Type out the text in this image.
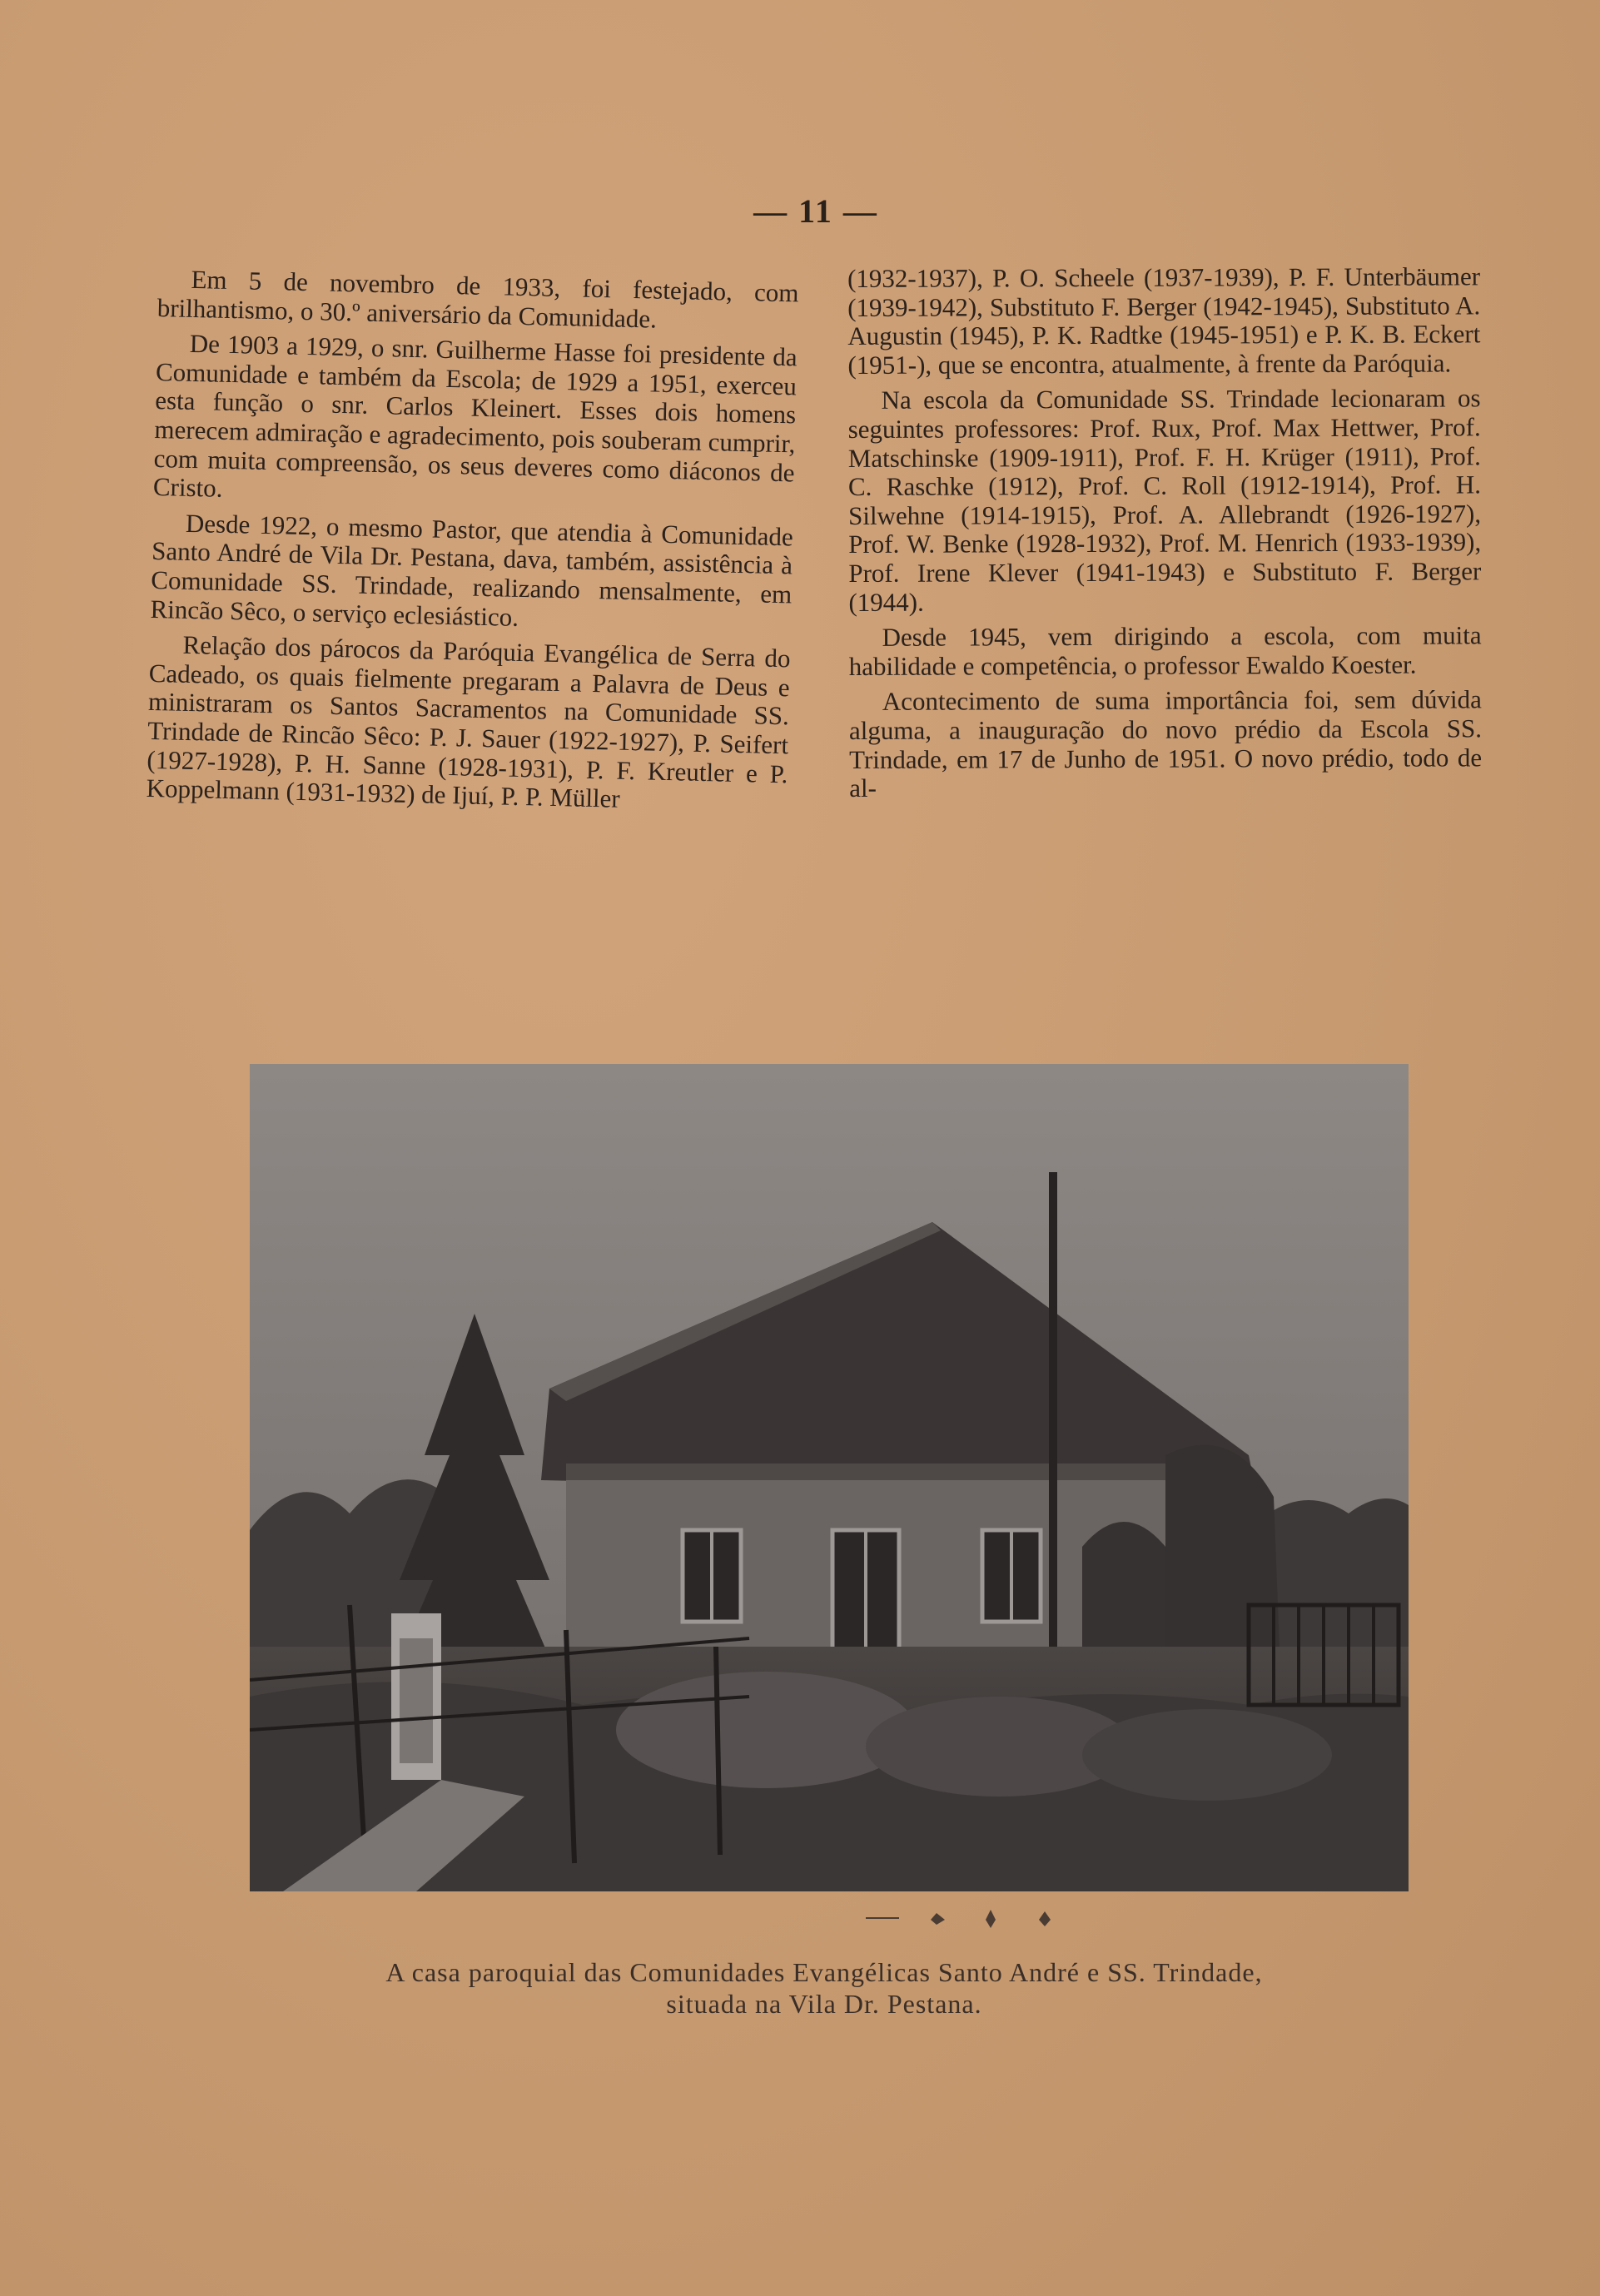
— 11 —

Em 5 de novembro de 1933, foi festejado, com brilhantismo, o 30.º aniversário da Comunidade.

De 1903 a 1929, o snr. Guilherme Hasse foi presidente da Comunidade e também da Escola; de 1929 a 1951, exerceu esta função o snr. Carlos Kleinert. Esses dois homens merecem admiração e agradecimento, pois souberam cumprir, com muita compreensão, os seus deveres como diáconos de Cristo.

Desde 1922, o mesmo Pastor, que atendia à Comunidade Santo André de Vila Dr. Pestana, dava, também, assistência à Comunidade SS. Trindade, realizando mensalmente, em Rincão Sêco, o serviço eclesiástico.

Relação dos párocos da Paróquia Evangélica de Serra do Cadeado, os quais fielmente pregaram a Palavra de Deus e ministraram os Santos Sacramentos na Comunidade SS. Trindade de Rincão Sêco: P. J. Sauer (1922-1927), P. Seifert (1927-1928), P. H. Sanne (1928-1931), P. F. Kreutler e P. Koppelmann (1931-1932) de Ijuí, P. P. Müller

(1932-1937), P. O. Scheele (1937-1939), P. F. Unterbäumer (1939-1942), Substituto F. Berger (1942-1945), Substituto A. Augustin (1945), P. K. Radtke (1945-1951) e P. K. B. Eckert (1951-), que se encontra, atualmente, à frente da Paróquia.

Na escola da Comunidade SS. Trindade lecionaram os seguintes professores: Prof. Rux, Prof. Max Hettwer, Prof. Matschinske (1909-1911), Prof. F. H. Krüger (1911), Prof. C. Raschke (1912), Prof. C. Roll (1912-1914), Prof. H. Silwehne (1914-1915), Prof. A. Allebrandt (1926-1927), Prof. W. Benke (1928-1932), Prof. M. Henrich (1933-1939), Prof. Irene Klever (1941-1943) e Substituto F. Berger (1944).

Desde 1945, vem dirigindo a escola, com muita habilidade e competência, o professor Ewaldo Koester.

Acontecimento de suma importância foi, sem dúvida alguma, a inauguração do novo prédio da Escola SS. Trindade, em 17 de Junho de 1951. O novo prédio, todo de al-

A casa paroquial das Comunidades Evangélicas Santo André e SS. Trindade,
situada na Vila Dr. Pestana.
